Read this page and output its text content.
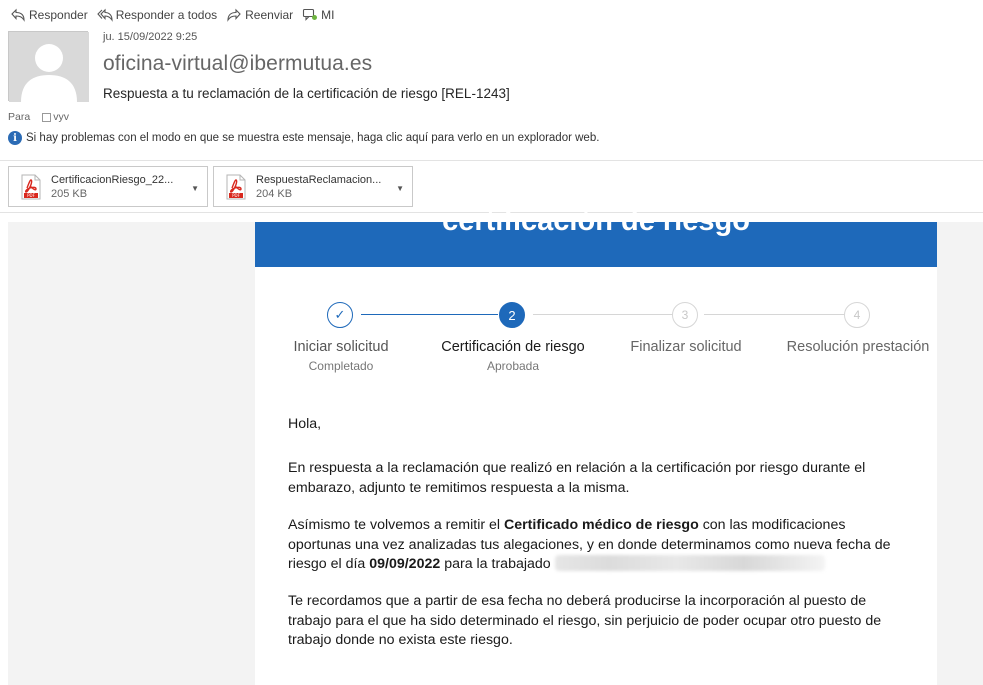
Responder Responder a todos Reenviar MI
ju. 15/09/2022 9:25
oficina-virtual@ibermutua.es
Respuesta a tu reclamación de la certificación de riesgo [REL-1243]
Para vyv
i Si hay problemas con el modo en que se muestra este mensaje, haga clic aquí para verlo en un explorador web.
PDF
CertificacionRiesgo_22...
205 KB	▼
PDF
RespuestaReclamacion...
204 KB	▼
certificación de riesgo
✓	2	3	4
Iniciar solicitud
Completado
Certificación de riesgo
Aprobada
Finalizar solicitud	Resolución prestación
Hola,
En respuesta a la reclamación que realizó en relación a la certificación por riesgo durante el embarazo, adjunto te remitimos respuesta a la misma.
Asímismo te volvemos a remitir el Certificado médico de riesgo con las modificaciones oportunas una vez analizadas tus alegaciones, y en donde determinamos como nueva fecha de riesgo el día 09/09/2022 para la trabajado
Te recordamos que a partir de esa fecha no deberá producirse la incorporación al puesto de trabajo para el que ha sido determinado el riesgo, sin perjuicio de poder ocupar otro puesto de trabajo donde no exista este riesgo.
